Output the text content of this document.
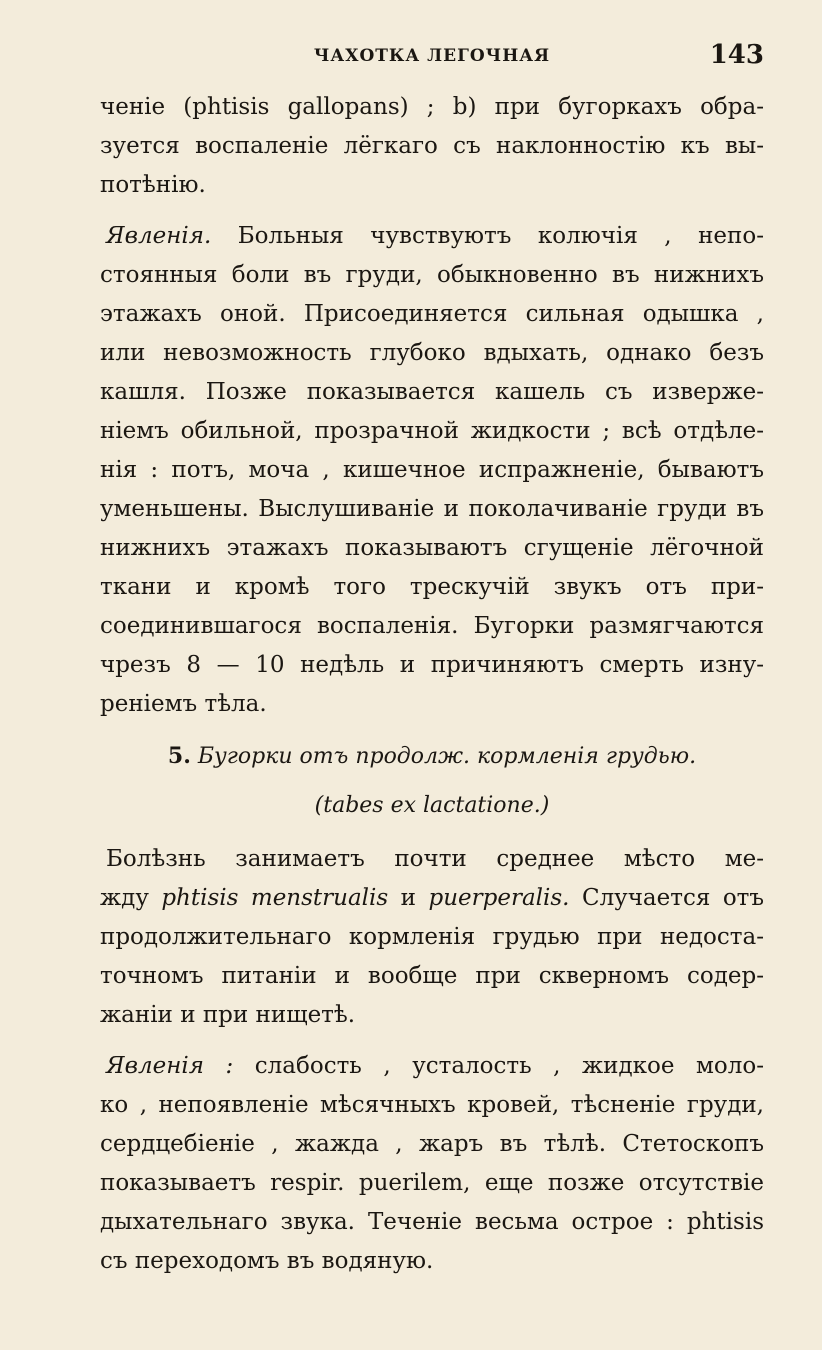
ЧАХОТКА ЛЕГОЧНАЯ	143
ченіе (phtisis gallopans) ; b) при бугоркахъ обра-
зуется воспаленіе лёгкаго съ наклонностію къ вы-
потѣнію.
Явленія. Больныя чувствуютъ колючія , непо-
стоянныя боли въ груди, обыкновенно въ нижнихъ
этажахъ оной. Присоединяется сильная одышка ,
или невозможность глубоко вдыхать, однако безъ
кашля. Позже показывается кашель съ изверже-
ніемъ обильной, прозрачной жидкости ; всѣ отдѣле-
нія : потъ, моча , кишечное испражненіе, бываютъ
уменьшены. Выслушиваніе и поколачиваніе груди въ
нижнихъ этажахъ показываютъ сгущеніе лёгочной
ткани и кромѣ того трескучій звукъ отъ при-
соединившагося воспаленія. Бугорки размягчаются
чрезъ 8 — 10 недѣль и причиняютъ смерть изну-
реніемъ тѣла.
5. Бугорки отъ продолж. кормленія грудью.
(tabes ex lactatione.)
Болѣзнь занимаетъ почти среднее мѣсто ме-
жду phtisis menstrualis и puerperalis. Случается отъ
продолжительнаго кормленія грудью при недоста-
точномъ питаніи и вообще при скверномъ содер-
жаніи и при нищетѣ.
Явленія : слабость , усталость , жидкое моло-
ко , непоявленіе мѣсячныхъ кровей, тѣсненіе груди,
сердцебіеніе , жажда , жаръ въ тѣлѣ. Стетоскопъ
показываетъ respir. puerilem, еще позже отсутствіе
дыхательнаго звука. Теченіе весьма острое : phtisis
съ переходомъ въ водяную.
